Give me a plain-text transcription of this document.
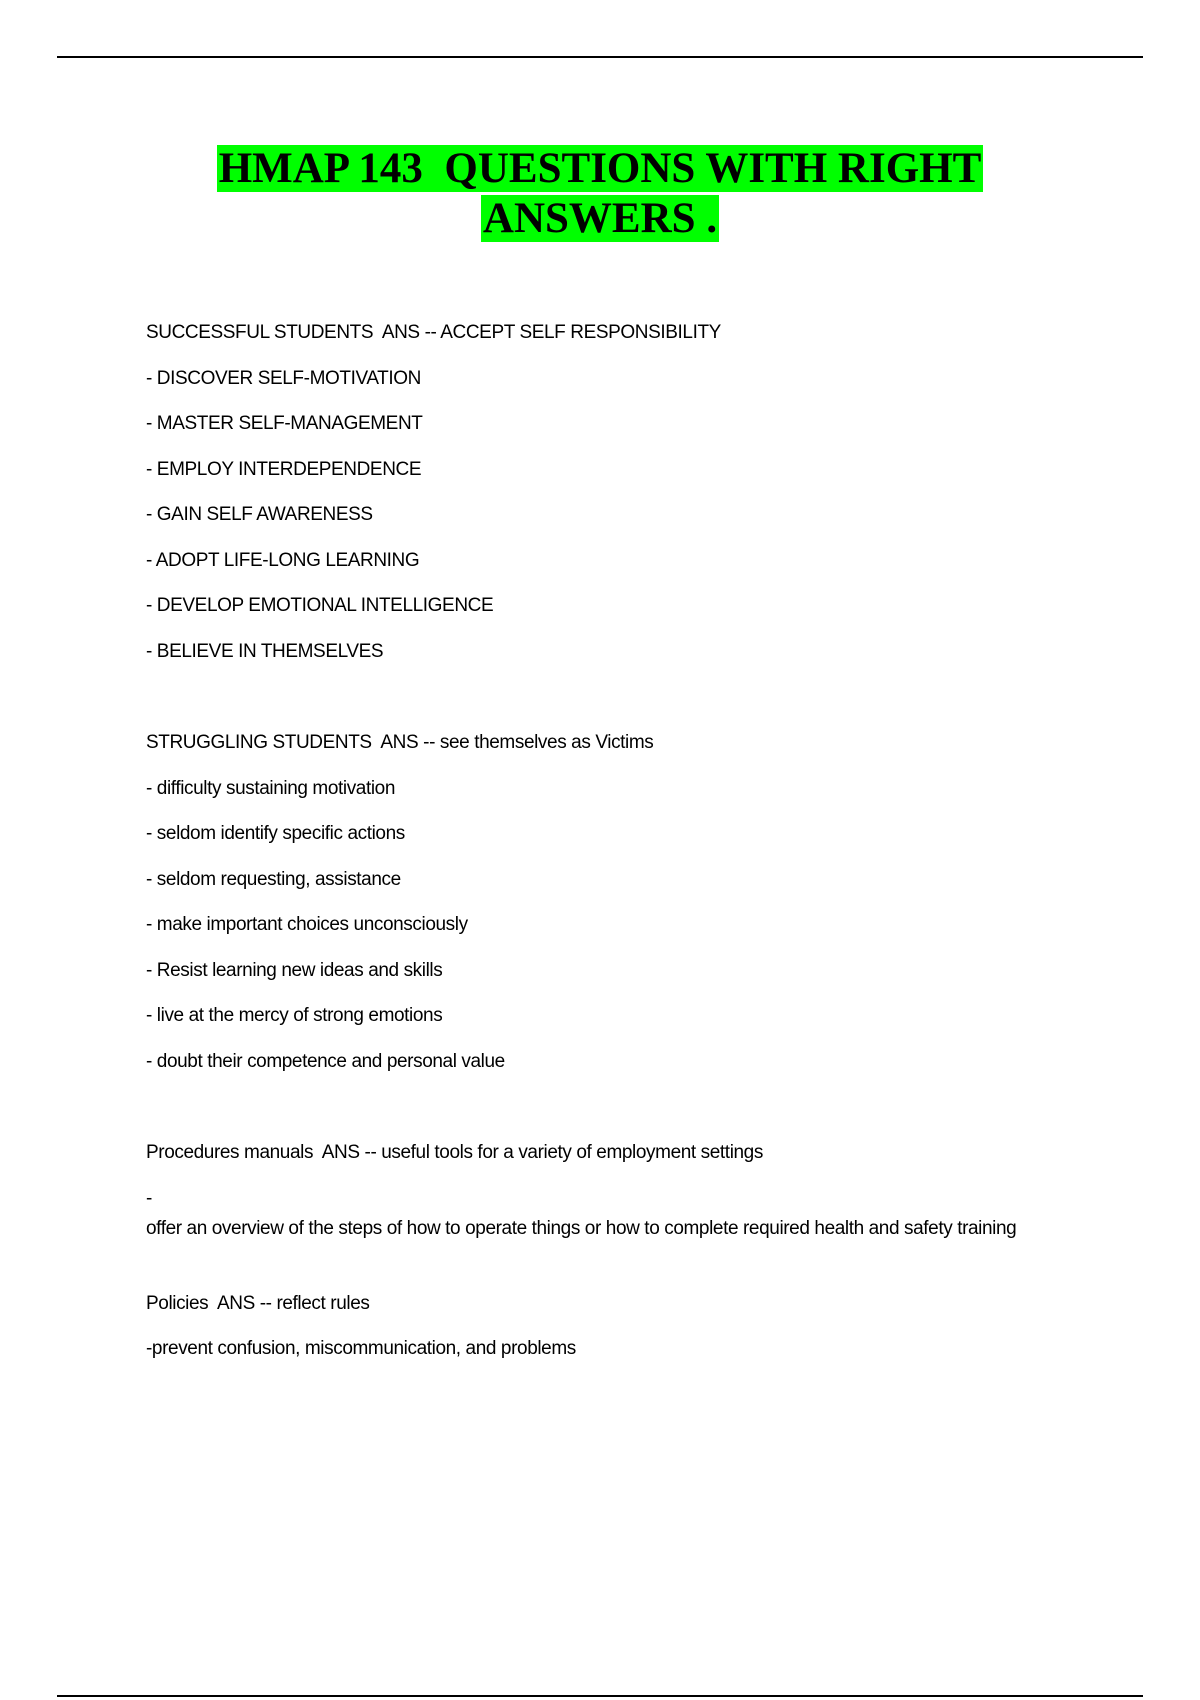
HMAP 143  QUESTIONS WITH RIGHT
ANSWERS .
SUCCESSFUL STUDENTS  ANS -- ACCEPT SELF RESPONSIBILITY
- DISCOVER SELF-MOTIVATION
- MASTER SELF-MANAGEMENT
- EMPLOY INTERDEPENDENCE
- GAIN SELF AWARENESS
- ADOPT LIFE-LONG LEARNING
- DEVELOP EMOTIONAL INTELLIGENCE
- BELIEVE IN THEMSELVES
STRUGGLING STUDENTS  ANS -- see themselves as Victims
- difficulty sustaining motivation
- seldom identify specific actions
- seldom requesting, assistance
- make important choices unconsciously
- Resist learning new ideas and skills
- live at the mercy of strong emotions
- doubt their competence and personal value
Procedures manuals  ANS -- useful tools for a variety of employment settings
-
offer an overview of the steps of how to operate things or how to complete required health and safety training
Policies  ANS -- reflect rules
-prevent confusion, miscommunication, and problems
